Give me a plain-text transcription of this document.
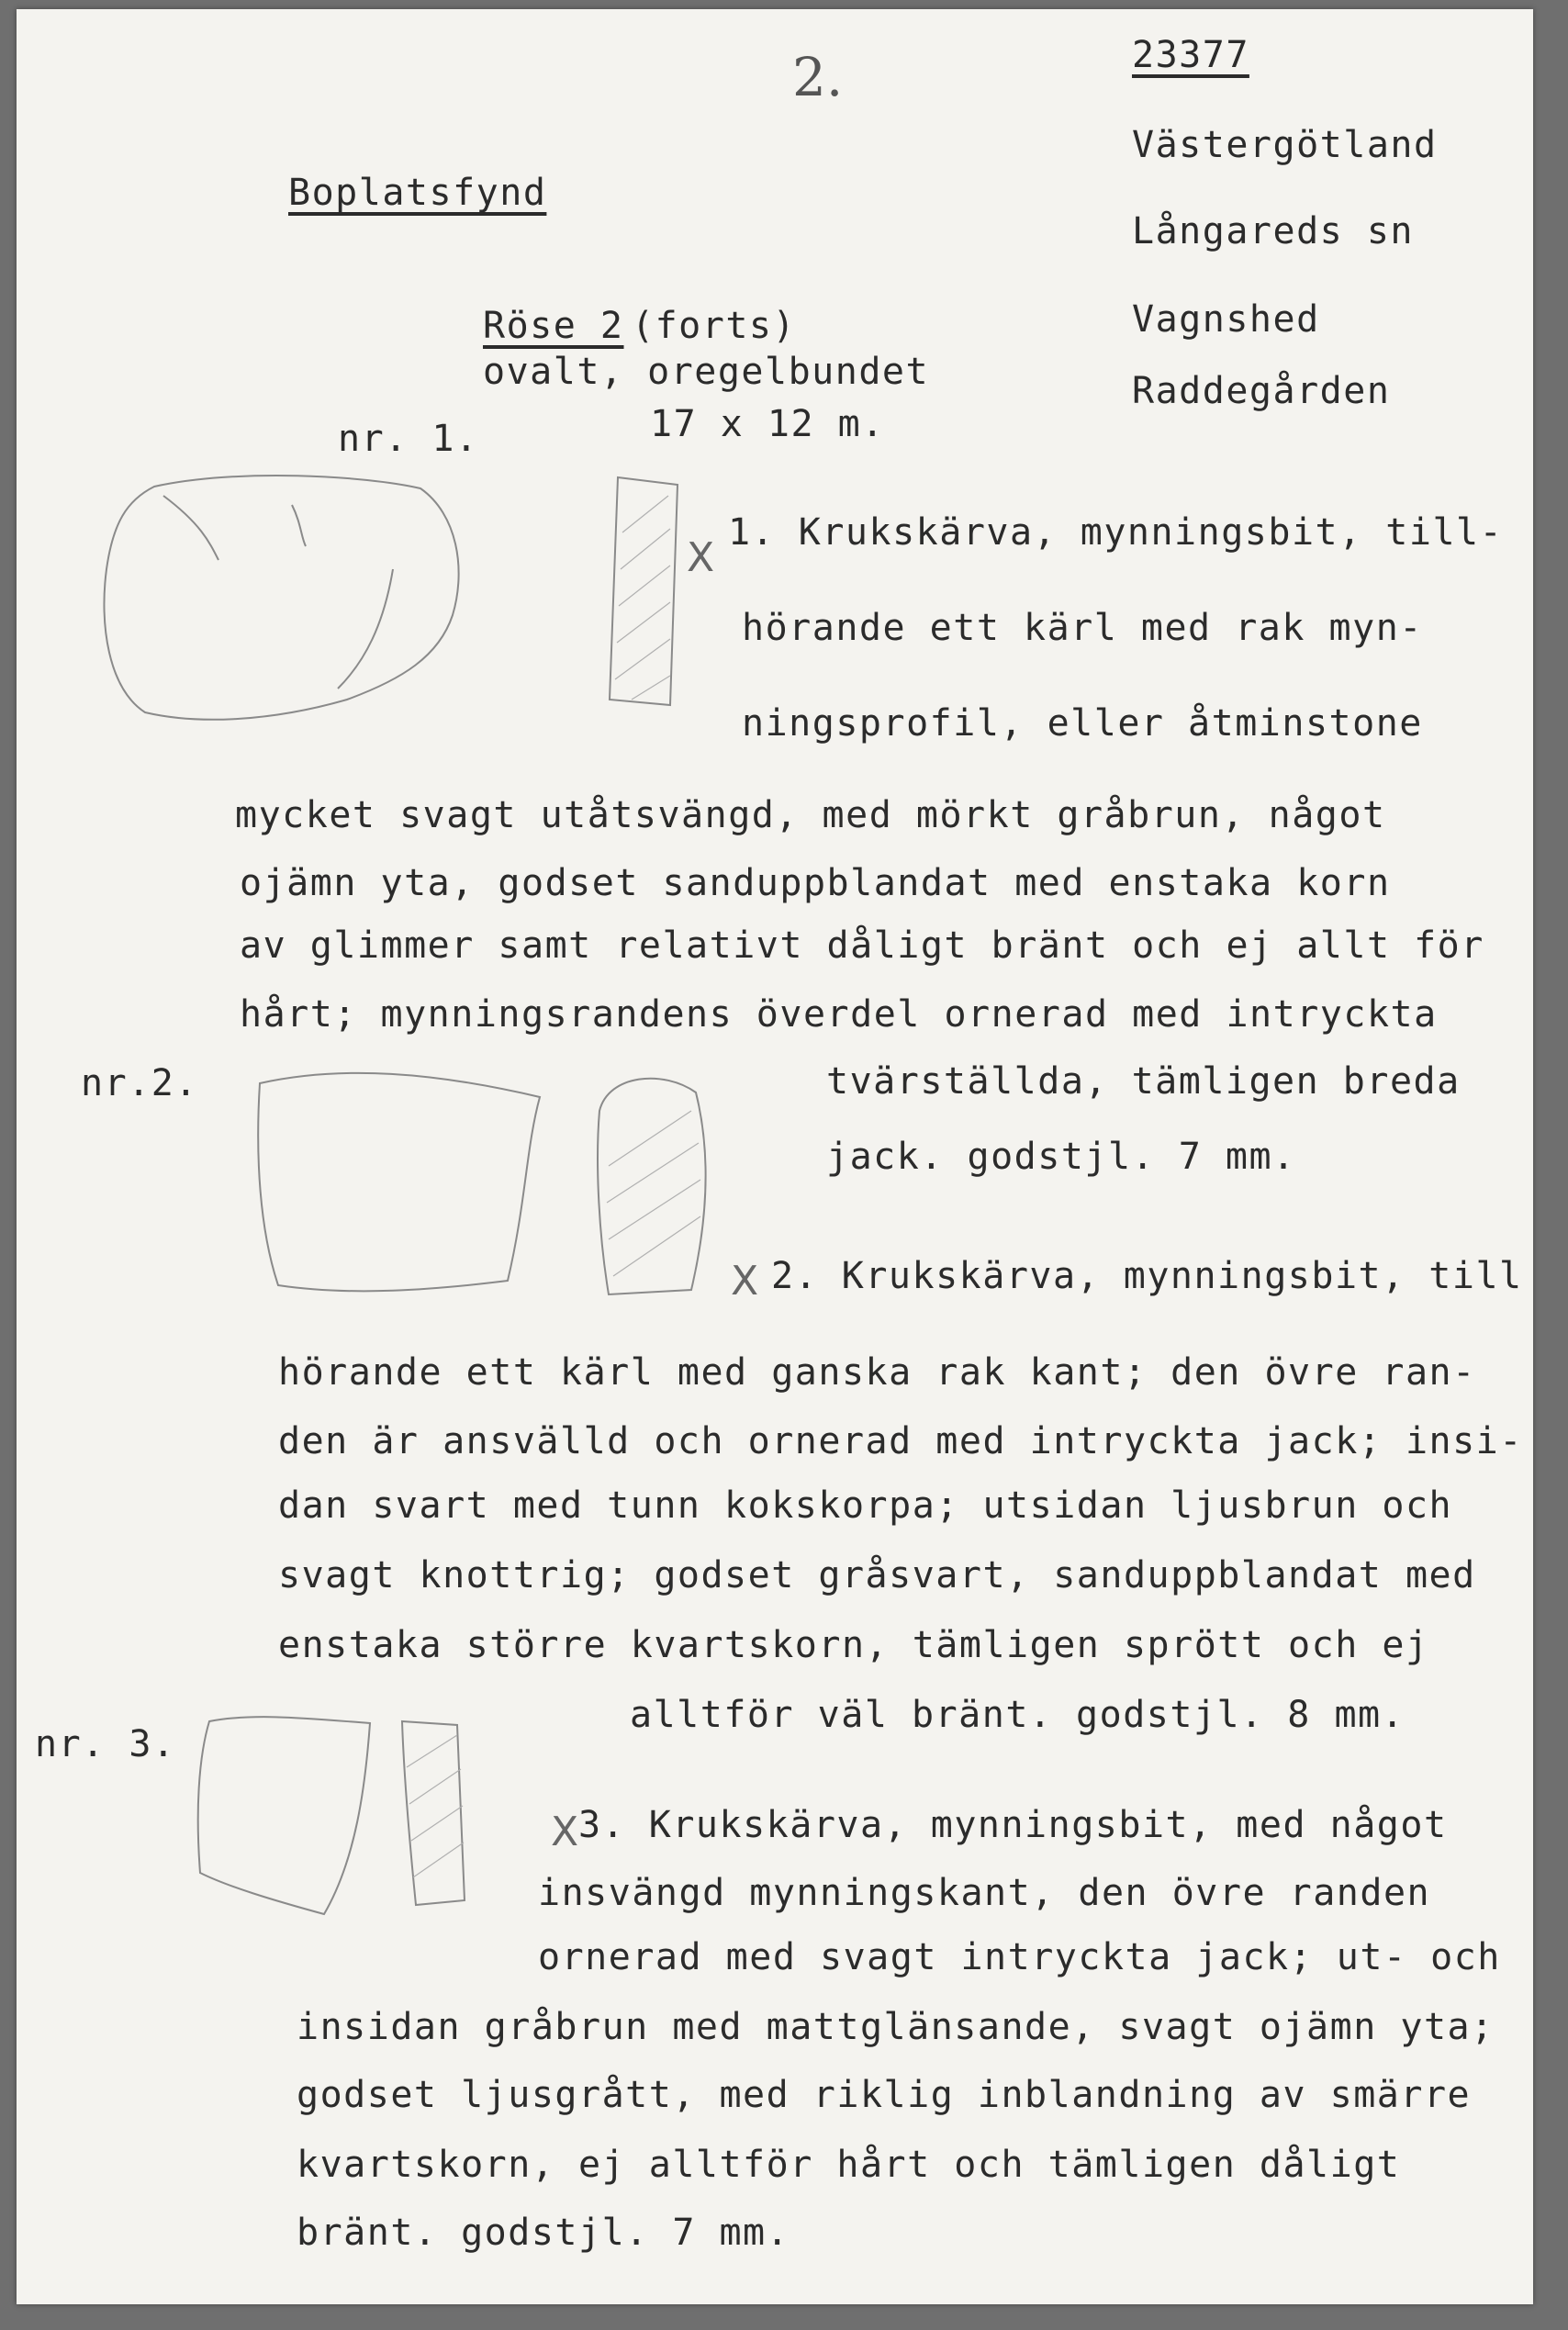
2.	23377
Västergötland
Långareds sn
Vagnshed
Raddegården
Boplatsfynd
Röse 2 (forts)
ovalt, oregelbundet
17 x 12 m.
nr. 1.
X
1. Krukskärva, mynningsbit, till-
hörande ett kärl med rak myn-
ningsprofil, eller åtminstone
mycket svagt utåtsvängd, med mörkt gråbrun, något
ojämn yta, godset sanduppblandat med enstaka korn
av glimmer samt relativt dåligt bränt och ej allt för
hårt; mynningsrandens överdel ornerad med intryckta
tvärställda, tämligen breda
jack. godstjl. 7 mm.
nr.2.
X 2. Krukskärva, mynningsbit, till
hörande ett kärl med ganska rak kant; den övre ran-
den är ansvälld och ornerad med intryckta jack; insi-
dan svart med tunn kokskorpa; utsidan ljusbrun och
svagt knottrig; godset gråsvart, sanduppblandat med
enstaka större kvartskorn, tämligen sprött och ej
alltför väl bränt. godstjl. 8 mm.
nr. 3.
X 3. Krukskärva, mynningsbit, med något
insvängd mynningskant, den övre randen
ornerad med svagt intryckta jack; ut- och
insidan gråbrun med mattglänsande, svagt ojämn yta;
godset ljusgrått, med riklig inblandning av smärre
kvartskorn, ej alltför hårt och tämligen dåligt
bränt. godstjl. 7 mm.
